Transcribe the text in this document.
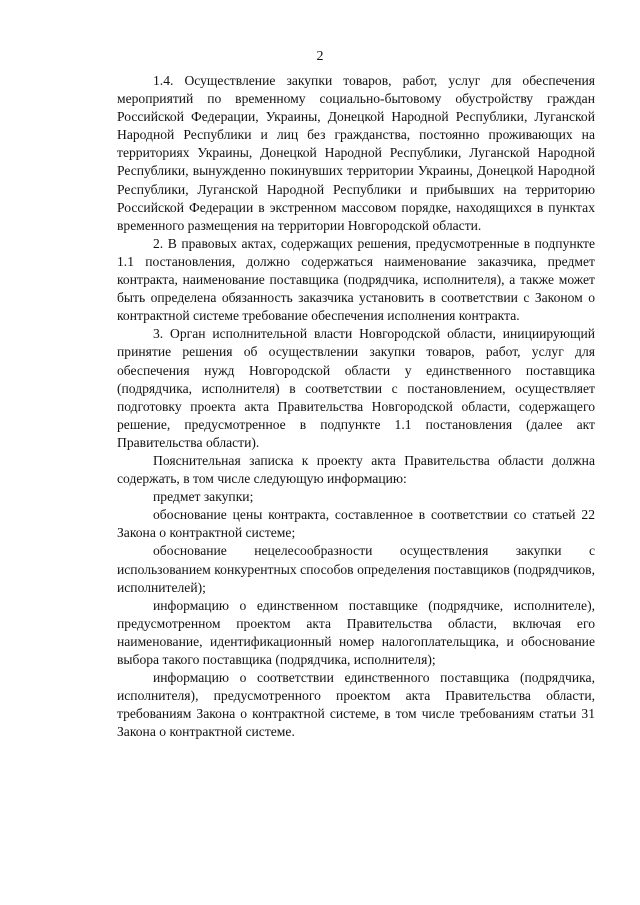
2

1.4. Осуществление закупки товаров, работ, услуг для обеспечения мероприятий по временному социально-бытовому обустройству граждан Российской Федерации, Украины, Донецкой Народной Республики, Луганской Народной Республики и лиц без гражданства, постоянно проживающих на территориях Украины, Донецкой Народной Республики, Луганской Народной Республики, вынужденно покинувших территории Украины, Донецкой Народной Республики, Луганской Народной Республики и прибывших на территорию Российской Федерации в экстренном массовом порядке, находящихся в пунктах временного размещения на территории Новгородской области.

2. В правовых актах, содержащих решения, предусмотренные в подпункте 1.1 постановления, должно содержаться наименование заказчика, предмет контракта, наименование поставщика (подрядчика, исполнителя), а также может быть определена обязанность заказчика установить в соответствии с Законом о контрактной системе требование обеспечения исполнения контракта.

3. Орган исполнительной власти Новгородской области, инициирующий принятие решения об осуществлении закупки товаров, работ, услуг для обеспечения нужд Новгородской области у единственного поставщика (подрядчика, исполнителя) в соответствии с постановлением, осуществляет подготовку проекта акта Правительства Новгородской области, содержащего решение, предусмотренное в подпункте 1.1 постановления (далее акт Правительства области).

Пояснительная записка к проекту акта Правительства области должна содержать, в том числе следующую информацию:

предмет закупки;

обоснование цены контракта, составленное в соответствии со статьей 22 Закона о контрактной системе;

обоснование нецелесообразности осуществления закупки с использованием конкурентных способов определения поставщиков (подрядчиков, исполнителей);

информацию о единственном поставщике (подрядчике, исполнителе), предусмотренном проектом акта Правительства области, включая его наименование, идентификационный номер налогоплательщика, и обоснование выбора такого поставщика (подрядчика, исполнителя);

информацию о соответствии единственного поставщика (подрядчика, исполнителя), предусмотренного проектом акта Правительства области, требованиям Закона о контрактной системе, в том числе требованиям статьи 31 Закона о контрактной системе.
